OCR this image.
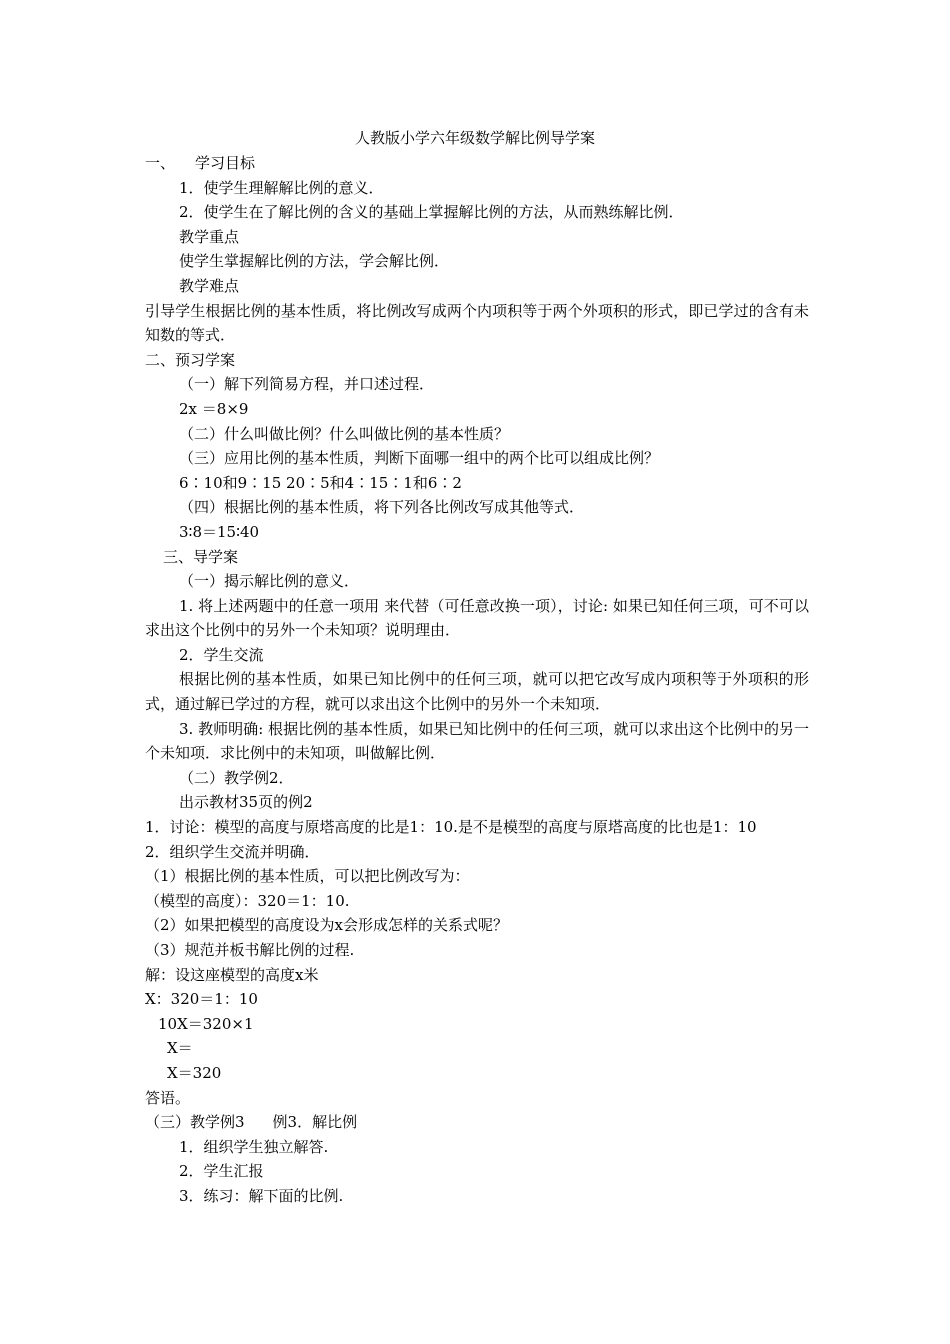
人教版小学六年级数学解比例导学案

一、 学习目标

1．使学生理解解比例的意义．

2．使学生在了解比例的含义的基础上掌握解比例的方法，从而熟练解比例．

教学重点

使学生掌握解比例的方法，学会解比例．

教学难点

引导学生根据比例的基本性质，将比例改写成两个内项积等于两个外项积的形式，即已学过的含有未知数的等式．

二、预习学案

（一）解下列简易方程，并口述过程．

2x ＝8×9

（二）什么叫做比例？什么叫做比例的基本性质？

（三）应用比例的基本性质，判断下面哪一组中的两个比可以组成比例？

6∶10和9∶15 20∶5和4∶15∶1和6∶2

（四）根据比例的基本性质，将下列各比例改写成其他等式．

3∶8＝15∶40

三、导学案

（一）揭示解比例的意义．

1. 将上述两题中的任意一项用 来代替（可任意改换一项），讨论: 如果已知任何三项，可不可以求出这个比例中的另外一个未知项？说明理由．

2．学生交流

根据比例的基本性质，如果已知比例中的任何三项，就可以把它改写成内项积等于外项积的形式，通过解已学过的方程，就可以求出这个比例中的另外一个未知项．

3. 教师明确: 根据比例的基本性质，如果已知比例中的任何三项，就可以求出这个比例中的另一个未知项．求比例中的未知项，叫做解比例．

（二）教学例2．

出示教材35页的例2

1．讨论：模型的高度与原塔高度的比是1：10.是不是模型的高度与原塔高度的比也是1：10

2．组织学生交流并明确．

（1）根据比例的基本性质，可以把比例改写为：

（模型的高度）：320＝1：10.

（2）如果把模型的高度设为x会形成怎样的关系式呢？

（3）规范并板书解比例的过程.

解：设这座模型的高度x米

X：320＝1：10

10Ⅹ＝320×1

Ⅹ＝

Ⅹ＝320

答语。

（三）教学例3 例3．解比例

1．组织学生独立解答.

2．学生汇报

3．练习：解下面的比例.
